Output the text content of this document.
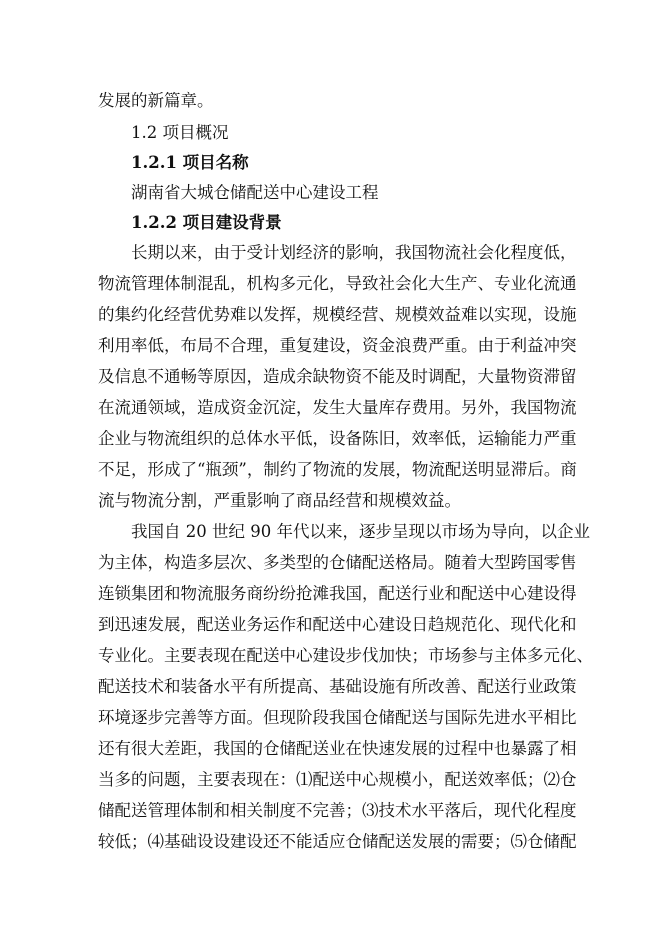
发展的新篇章。
1.2 项目概况
1.2.1 项目名称
湖南省大城仓储配送中心建设工程
1.2.2 项目建设背景
长期以来，由于受计划经济的影响，我国物流社会化程度低，
物流管理体制混乱，机构多元化，导致社会化大生产、专业化流通
的集约化经营优势难以发挥，规模经营、规模效益难以实现，设施
利用率低，布局不合理，重复建设，资金浪费严重。由于利益冲突
及信息不通畅等原因，造成余缺物资不能及时调配，大量物资滞留
在流通领域，造成资金沉淀，发生大量库存费用。另外，我国物流
企业与物流组织的总体水平低，设备陈旧，效率低，运输能力严重
不足，形成了“瓶颈”，制约了物流的发展，物流配送明显滞后。商
流与物流分割，严重影响了商品经营和规模效益。
我国自 20 世纪 90 年代以来，逐步呈现以市场为导向，以企业
为主体，构造多层次、多类型的仓储配送格局。随着大型跨国零售
连锁集团和物流服务商纷纷抢滩我国，配送行业和配送中心建设得
到迅速发展，配送业务运作和配送中心建设日趋规范化、现代化和
专业化。主要表现在配送中心建设步伐加快；市场参与主体多元化、
配送技术和装备水平有所提高、基础设施有所改善、配送行业政策
环境逐步完善等方面。但现阶段我国仓储配送与国际先进水平相比
还有很大差距，我国的仓储配送业在快速发展的过程中也暴露了相
当多的问题，主要表现在：⑴配送中心规模小，配送效率低；⑵仓
储配送管理体制和相关制度不完善；⑶技术水平落后，现代化程度
较低；⑷基础设设建设还不能适应仓储配送发展的需要；⑸仓储配
